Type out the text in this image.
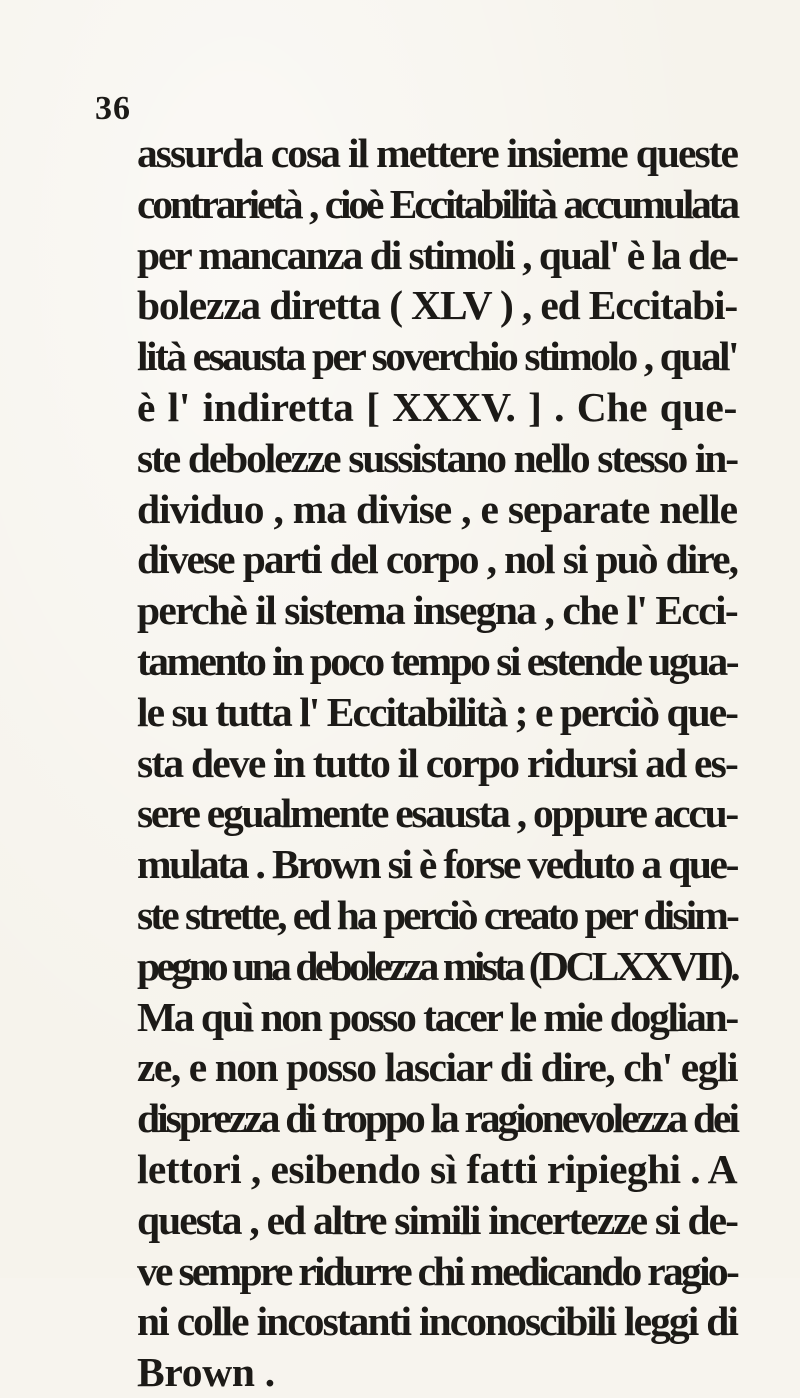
36
assurda cosa il mettere insieme queste
contrarietà , cioè Eccitabilità accumulata
per mancanza di stimoli , qual' è la de-
bolezza diretta ( XLV ) , ed Eccitabi-
lità esausta per soverchio stimolo , qual'
è l' indiretta [ XXXV. ] . Che que-
ste debolezze sussistano nello stesso in-
dividuo , ma divise , e separate nelle
divese parti del corpo , nol si può dire,
perchè il sistema insegna , che l' Ecci-
tamento in poco tempo si estende ugua-
le su tutta l' Eccitabilità ; e perciò que-
sta deve in tutto il corpo ridursi ad es-
sere egualmente esausta , oppure accu-
mulata . Brown si è forse veduto a que-
ste strette, ed ha perciò creato per disim-
pegno una debolezza mista (DCLXXVII).
Ma quì non posso tacer le mie doglian-
ze, e non posso lasciar di dire, ch' egli
disprezza di troppo la ragionevolezza dei
lettori , esibendo sì fatti ripieghi . A
questa , ed altre simili incertezze si de-
ve sempre ridurre chi medicando ragio-
ni colle incostanti inconoscibili leggi di
Brown .
